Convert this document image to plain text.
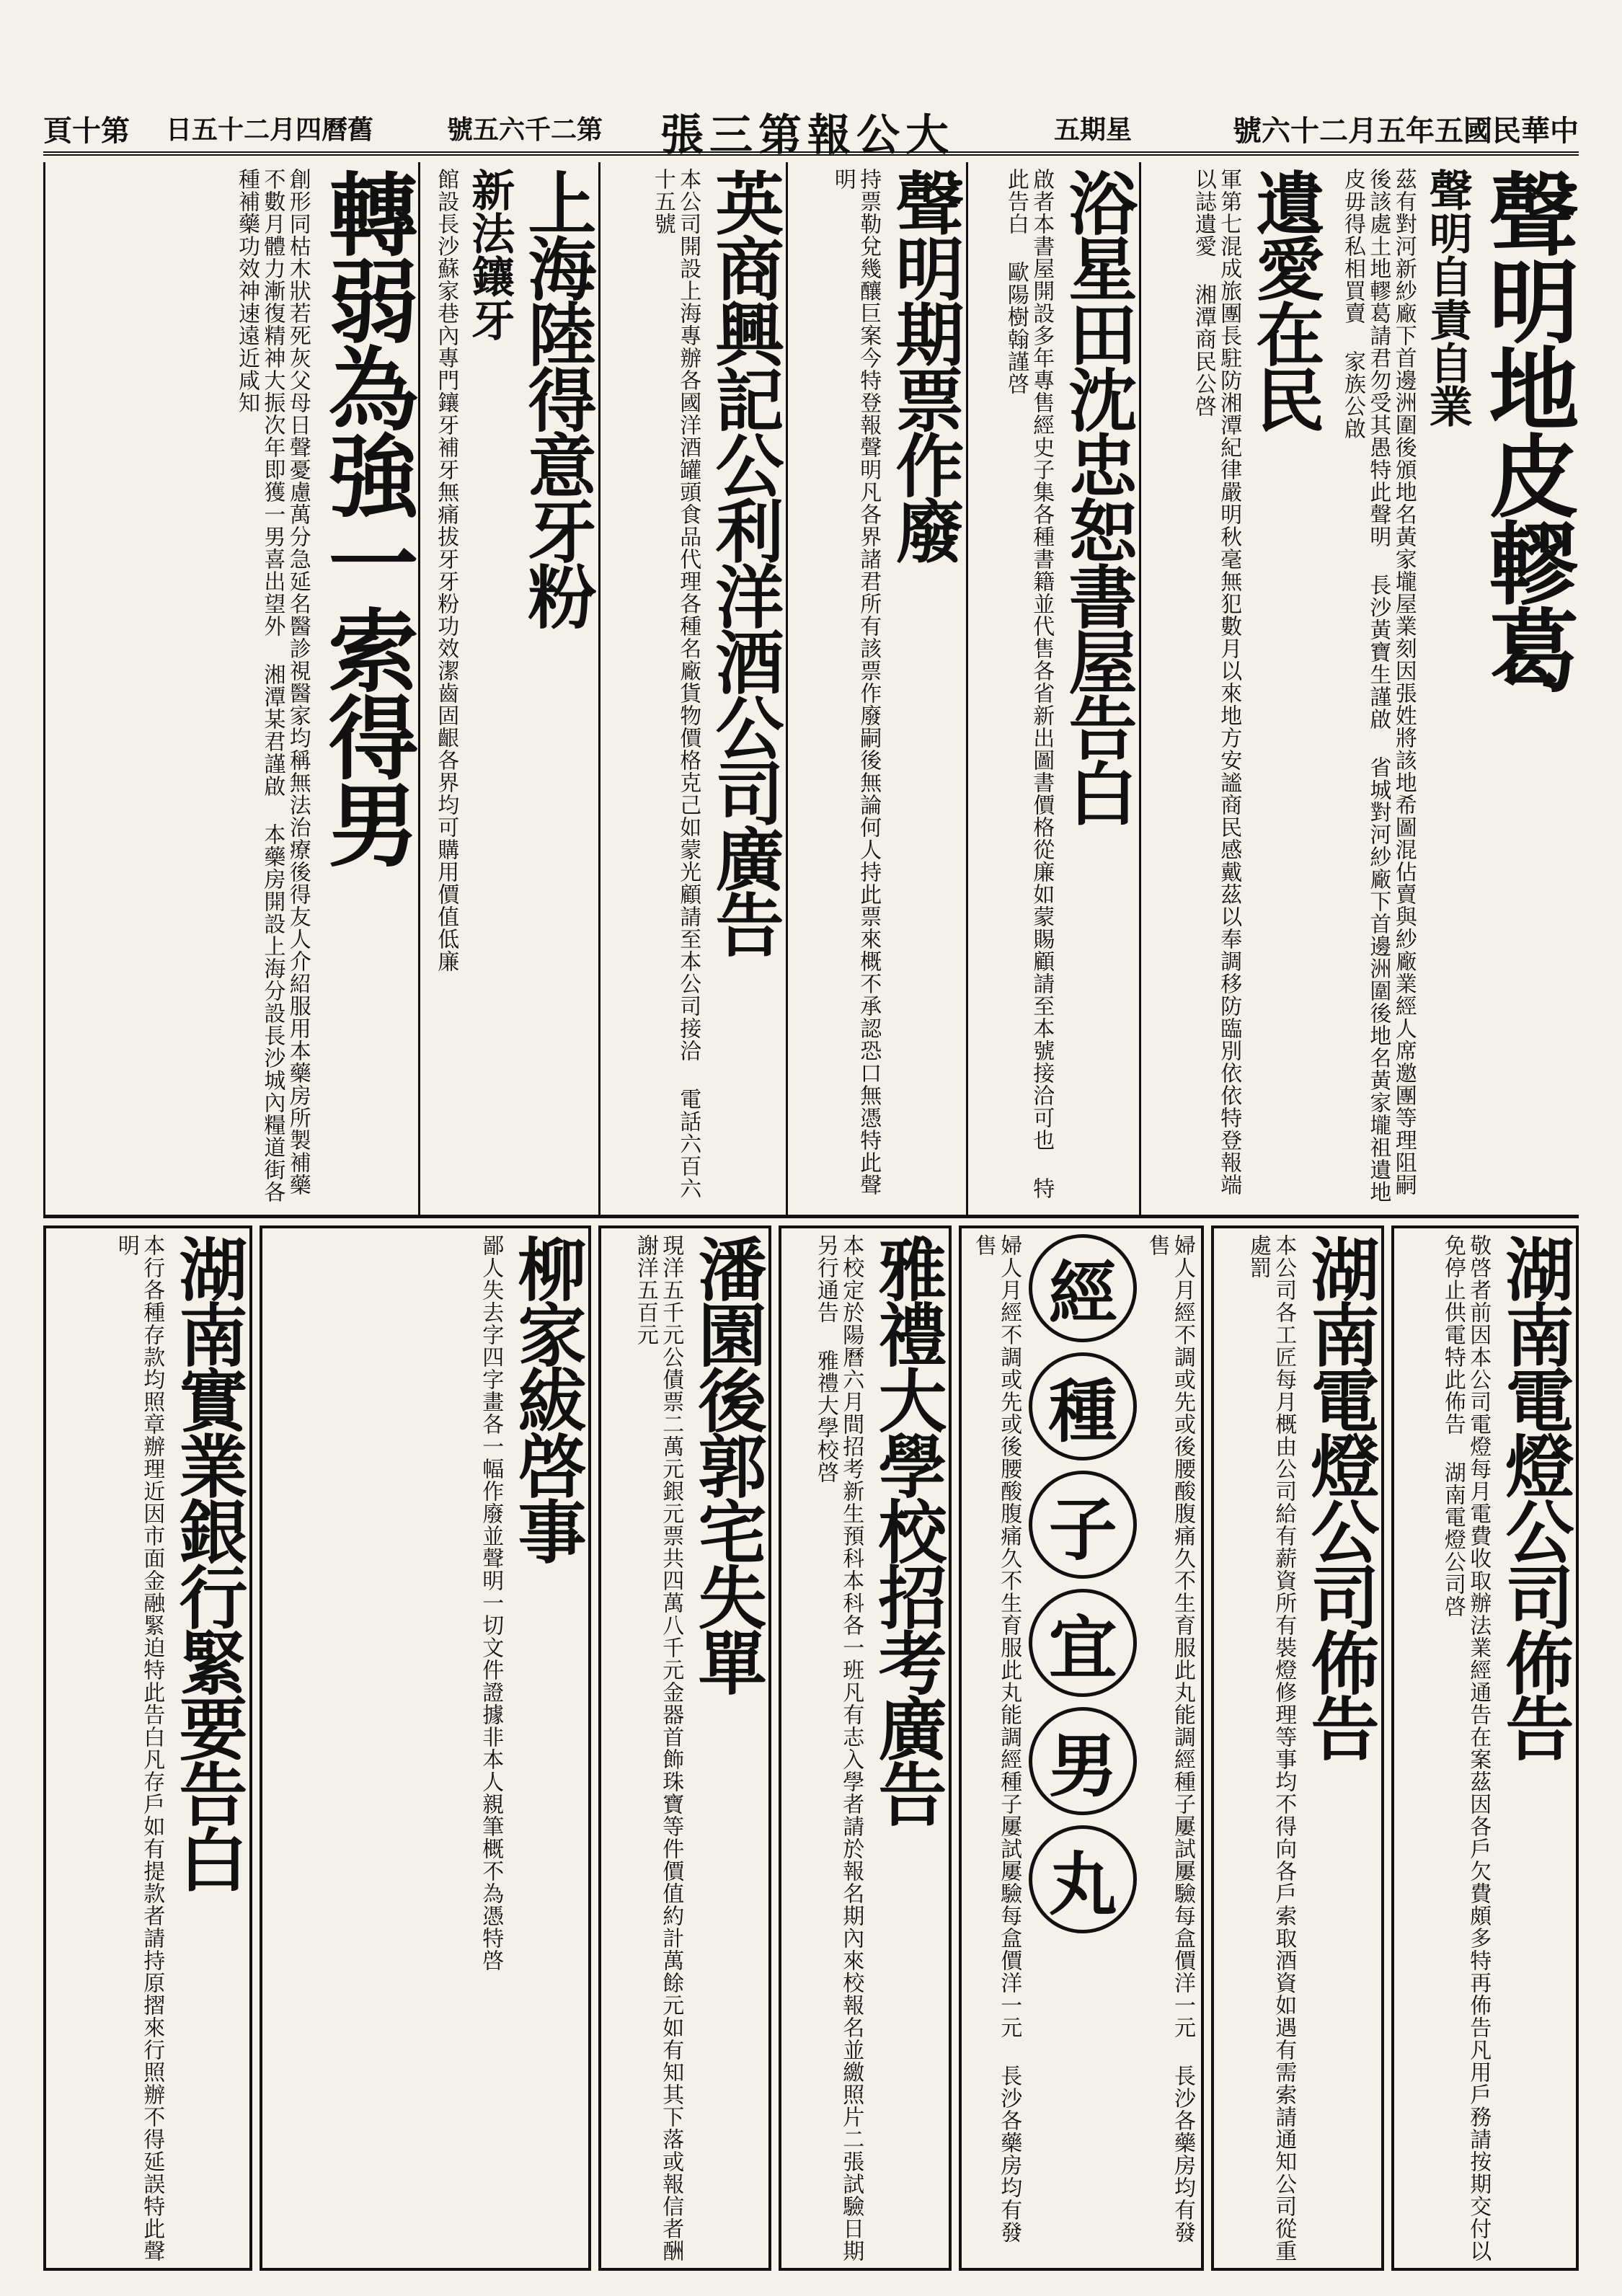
中華民國五年五月二十六號
星期五
大公報第三張
第二千六五號
舊曆四月二十五日
第十頁
聲明地皮轇葛
聲明自責自業
茲有對河新紗廠下首邊洲圍後頒地名黃家壠屋業刻因張姓將該地希圖混佔賣與紗廠業經人席邀團等理阻嗣後該處土地轇葛請君勿受其愚特此聲明 長沙黃寶生謹啟 省城對河紗廠下首邊洲圍後地名黃家壠祖遺地皮毋得私相買賣 家族公啟
遺愛在民
軍第七混成旅團長駐防湘潭紀律嚴明秋毫無犯數月以來地方安謐商民感戴茲以奉調移防臨別依依特登報端以誌遺愛 湘潭商民公啓
浴星田沈忠恕書屋告白
啟者本書屋開設多年專售經史子集各種書籍並代售各省新出圖書價格從廉如蒙賜顧請至本號接洽可也 特此告白 歐陽樹翰謹啓
聲明期票作廢
持票勒兌幾釀巨案今特登報聲明凡各界諸君所有該票作廢嗣後無論何人持此票來概不承認恐口無憑特此聲明
英商興記公利洋酒公司廣告
本公司開設上海專辦各國洋酒罐頭食品代理各種名廠貨物價格克己如蒙光顧請至本公司接洽 電話六百六十五號
上海陸得意牙粉
新法鑲牙
館設長沙蘇家巷內專門鑲牙補牙無痛拔牙牙粉功效潔齒固齦各界均可購用價值低廉
轉弱為強一索得男
創形同枯木狀若死灰父母日聲憂慮萬分急延名醫診視醫家均稱無法治療後得友人介紹服用本藥房所製補藥不數月體力漸復精神大振次年即獲一男喜出望外 湘潭某君謹啟 本藥房開設上海分設長沙城內糧道街各種補藥功效神速遠近咸知
湖南電燈公司佈告
敬啓者前因本公司電燈每月電費收取辦法業經通告在案茲因各戶欠費頗多特再佈告凡用戶務請按期交付以免停止供電特此佈告 湖南電燈公司啓
湖南電燈公司佈告
本公司各工匠每月概由公司給有薪資所有裝燈修理等事均不得向各戶索取酒資如遇有需索請通知公司從重處罰
婦人月經不調或先或後腰酸腹痛久不生育服此丸能調經種子屢試屢驗每盒價洋一元 長沙各藥房均有發售
經
種
子
宜
男
丸
婦人月經不調或先或後腰酸腹痛久不生育服此丸能調經種子屢試屢驗每盒價洋一元 長沙各藥房均有發售
雅禮大學校招考廣告
本校定於陽曆六月間招考新生預科本科各一班凡有志入學者請於報名期內來校報名並繳照片二張試驗日期另行通告 雅禮大學校啓
潘園後郭宅失單
現洋五千元公債票二萬元銀元票共四萬八千元金器首飾珠寶等件價值約計萬餘元如有知其下落或報信者酬謝洋五百元
柳家紱啓事
鄙人失去字四字畫各一幅作廢並聲明一切文件證據非本人親筆概不為憑特啓
湖南實業銀行緊要告白
本行各種存款均照章辦理近因市面金融緊迫特此告白凡存戶如有提款者請持原摺來行照辦不得延誤特此聲明
